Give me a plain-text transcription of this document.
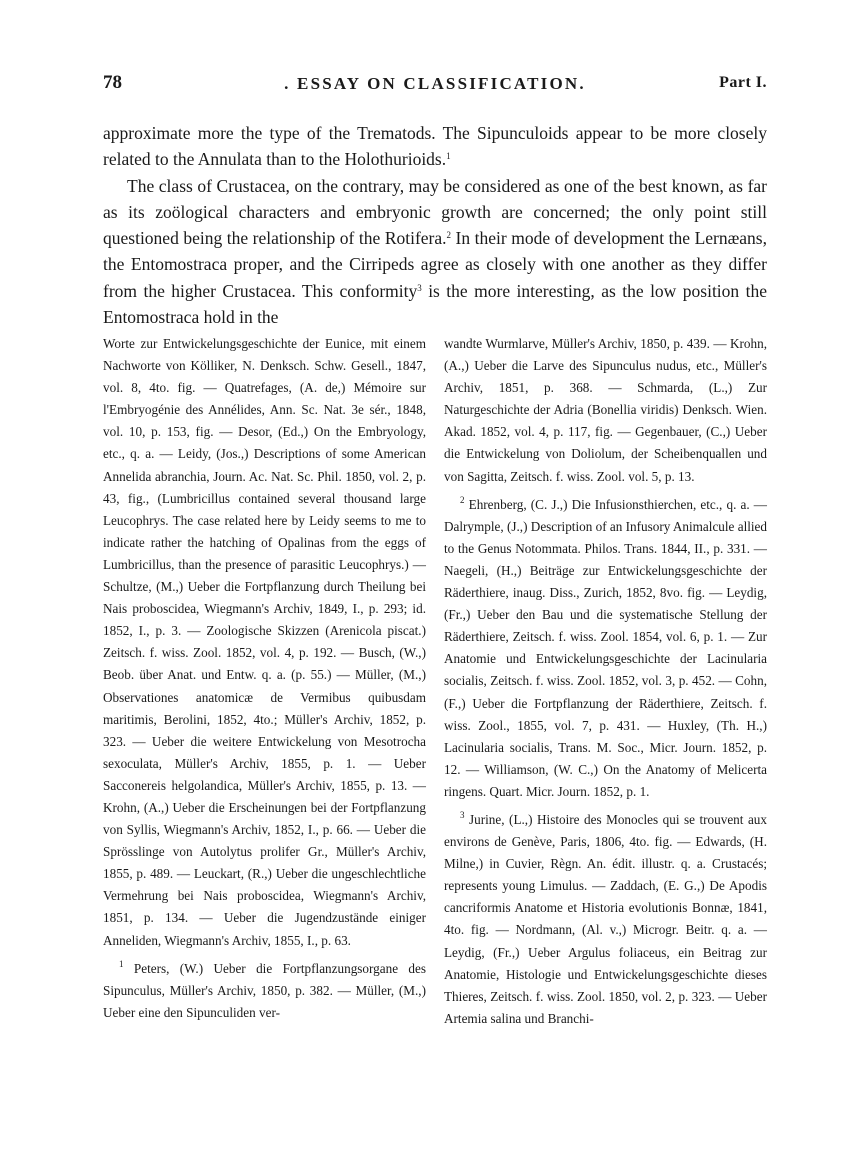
78	. ESSAY ON CLASSIFICATION.	Part I.

approximate more the type of the Trematods. The Sipunculoids appear to be more closely related to the Annulata than to the Holothurioids.$^1$

The class of Crustacea, on the contrary, may be considered as one of the best known, as far as its zoölogical characters and embryonic growth are concerned; the only point still questioned being the relationship of the Rotifera.$^2$ In their mode of development the Lernæans, the Entomostraca proper, and the Cirripeds agree as closely with one another as they differ from the higher Crustacea. This conformity$^3$ is the more interesting, as the low position the Entomostraca hold in the

Worte zur Entwickelungsgeschichte der Eunice, mit einem Nachworte von Kölliker, N. Denksch. Schw. Gesell., 1847, vol. 8, 4to. fig. — Quatrefages, (A. de,) Mémoire sur l'Embryogénie des Annélides, Ann. Sc. Nat. 3e sér., 1848, vol. 10, p. 153, fig. — Desor, (Ed.,) On the Embryology, etc., q. a. — Leidy, (Jos.,) Descriptions of some American Annelida abranchia, Journ. Ac. Nat. Sc. Phil. 1850, vol. 2, p. 43, fig., (Lumbricillus contained several thousand large Leucophrys. The case related here by Leidy seems to me to indicate rather the hatching of Opalinas from the eggs of Lumbricillus, than the presence of parasitic Leucophrys.) — Schultze, (M.,) Ueber die Fortpflanzung durch Theilung bei Nais proboscidea, Wiegmann's Archiv, 1849, I., p. 293; id. 1852, I., p. 3. — Zoologische Skizzen (Arenicola piscat.) Zeitsch. f. wiss. Zool. 1852, vol. 4, p. 192. — Busch, (W.,) Beob. über Anat. und Entw. q. a. (p. 55.) — Müller, (M.,) Observationes anatomicæ de Vermibus quibusdam maritimis, Berolini, 1852, 4to.; Müller's Archiv, 1852, p. 323. — Ueber die weitere Entwickelung von Mesotrocha sexoculata, Müller's Archiv, 1855, p. 1. — Ueber Sacconereis helgolandica, Müller's Archiv, 1855, p. 13. — Krohn, (A.,) Ueber die Erscheinungen bei der Fortpflanzung von Syllis, Wiegmann's Archiv, 1852, I., p. 66. — Ueber die Sprösslinge von Autolytus prolifer Gr., Müller's Archiv, 1855, p. 489. — Leuckart, (R.,) Ueber die ungeschlechtliche Vermehrung bei Nais proboscidea, Wiegmann's Archiv, 1851, p. 134. — Ueber die Jugendzustände einiger Anneliden, Wiegmann's Archiv, 1855, I., p. 63.

$^1$ Peters, (W.) Ueber die Fortpflanzungsorgane des Sipunculus, Müller's Archiv, 1850, p. 382. — Müller, (M.,) Ueber eine den Sipunculiden ver-

wandte Wurmlarve, Müller's Archiv, 1850, p. 439. — Krohn, (A.,) Ueber die Larve des Sipunculus nudus, etc., Müller's Archiv, 1851, p. 368. — Schmarda, (L.,) Zur Naturgeschichte der Adria (Bonellia viridis) Denksch. Wien. Akad. 1852, vol. 4, p. 117, fig. — Gegenbauer, (C.,) Ueber die Entwickelung von Doliolum, der Scheibenquallen und von Sagitta, Zeitsch. f. wiss. Zool. vol. 5, p. 13.

$^2$ Ehrenberg, (C. J.,) Die Infusionsthierchen, etc., q. a. — Dalrymple, (J.,) Description of an Infusory Animalcule allied to the Genus Notommata. Philos. Trans. 1844, II., p. 331. — Naegeli, (H.,) Beiträge zur Entwickelungsgeschichte der Räderthiere, inaug. Diss., Zurich, 1852, 8vo. fig. — Leydig, (Fr.,) Ueber den Bau und die systematische Stellung der Räderthiere, Zeitsch. f. wiss. Zool. 1854, vol. 6, p. 1. — Zur Anatomie und Entwickelungsgeschichte der Lacinularia socialis, Zeitsch. f. wiss. Zool. 1852, vol. 3, p. 452. — Cohn, (F.,) Ueber die Fortpflanzung der Räderthiere, Zeitsch. f. wiss. Zool., 1855, vol. 7, p. 431. — Huxley, (Th. H.,) Lacinularia socialis, Trans. M. Soc., Micr. Journ. 1852, p. 12. — Williamson, (W. C.,) On the Anatomy of Melicerta ringens. Quart. Micr. Journ. 1852, p. 1.

$^3$ Jurine, (L.,) Histoire des Monocles qui se trouvent aux environs de Genève, Paris, 1806, 4to. fig. — Edwards, (H. Milne,) in Cuvier, Règn. An. édit. illustr. q. a. Crustacés; represents young Limulus. — Zaddach, (E. G.,) De Apodis cancriformis Anatome et Historia evolutionis Bonnæ, 1841, 4to. fig. — Nordmann, (Al. v.,) Microgr. Beitr. q. a. — Leydig, (Fr.,) Ueber Argulus foliaceus, ein Beitrag zur Anatomie, Histologie und Entwickelungsgeschichte dieses Thieres, Zeitsch. f. wiss. Zool. 1850, vol. 2, p. 323. — Ueber Artemia salina und Branchi-
